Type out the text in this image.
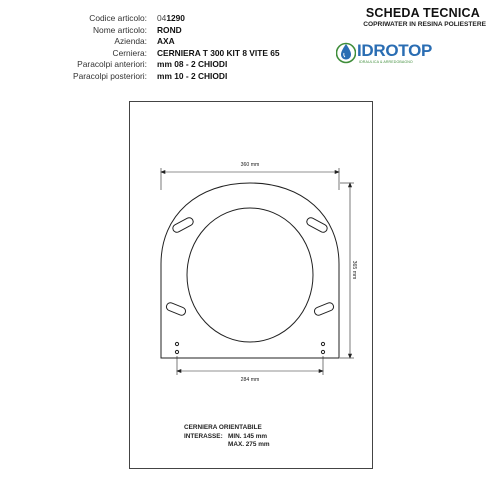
Codice articolo:	041290
Nome articolo:	ROND
Azienda:	AXA
Cerniera:	CERNIERA T 300 KIT 8 VITE 65
Paracolpi anteriori:	mm 08 - 2 CHIODI
Paracolpi posteriori:	mm 10 - 2 CHIODI
SCHEDA TECNICA
COPRIWATER IN RESINA POLIESTERE
IDROTOP
IDRAULICA & ARREDOBAGNO
360 mm
365 mm
284 mm
CERNIERA ORIENTABILE
INTERASSE: MIN. 145 mm
MAX. 275 mm
